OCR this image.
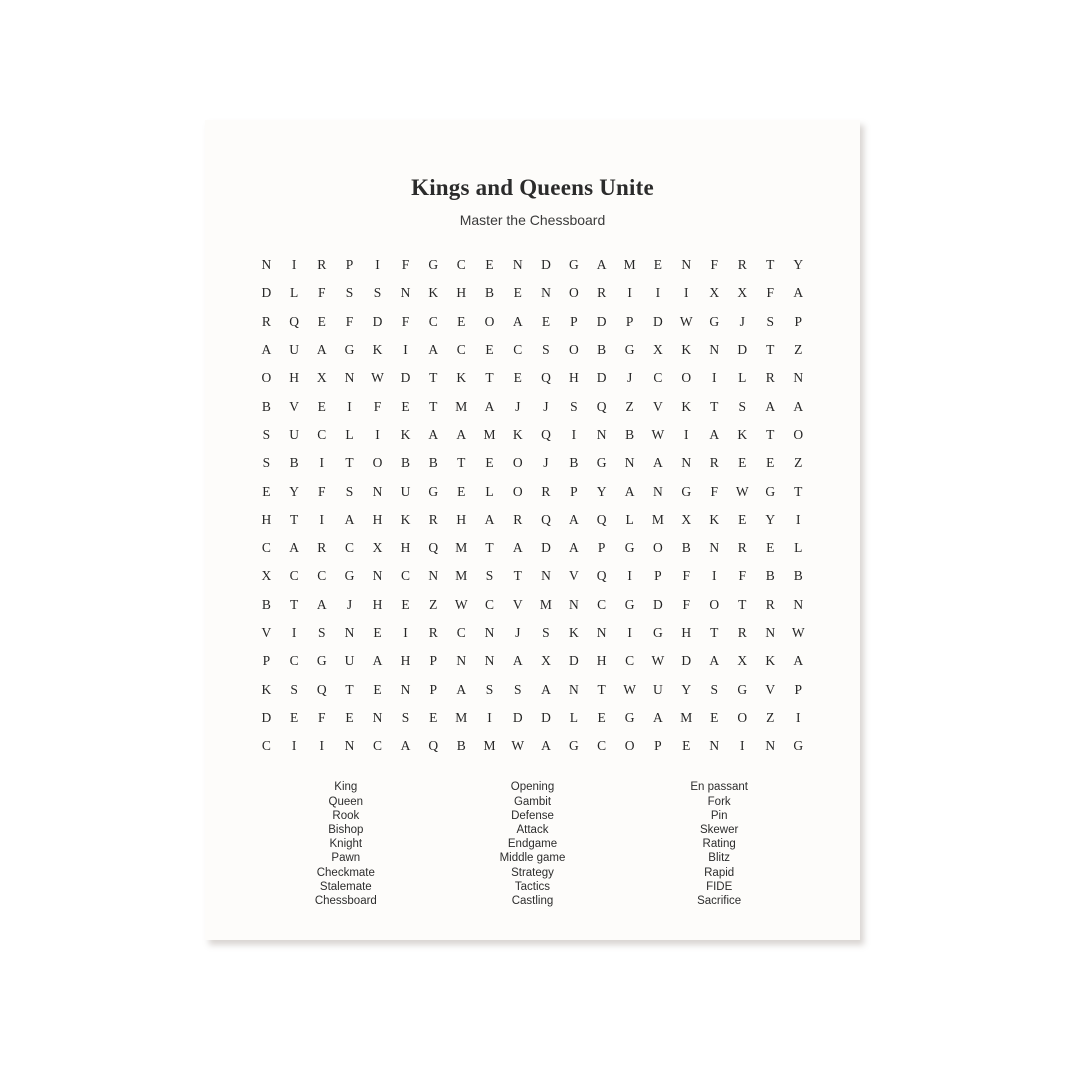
Kings and Queens Unite
Master the Chessboard
N	I	R	P	I	F	G	C	E	N	D	G	A	M	E	N	F	R	T	Y
D	L	F	S	S	N	K	H	B	E	N	O	R	I	I	I	X	X	F	A
R	Q	E	F	D	F	C	E	O	A	E	P	D	P	D	W	G	J	S	P
A	U	A	G	K	I	A	C	E	C	S	O	B	G	X	K	N	D	T	Z
O	H	X	N	W	D	T	K	T	E	Q	H	D	J	C	O	I	L	R	N
B	V	E	I	F	E	T	M	A	J	J	S	Q	Z	V	K	T	S	A	A
S	U	C	L	I	K	A	A	M	K	Q	I	N	B	W	I	A	K	T	O
S	B	I	T	O	B	B	T	E	O	J	B	G	N	A	N	R	E	E	Z
E	Y	F	S	N	U	G	E	L	O	R	P	Y	A	N	G	F	W	G	T
H	T	I	A	H	K	R	H	A	R	Q	A	Q	L	M	X	K	E	Y	I
C	A	R	C	X	H	Q	M	T	A	D	A	P	G	O	B	N	R	E	L
X	C	C	G	N	C	N	M	S	T	N	V	Q	I	P	F	I	F	B	B
B	T	A	J	H	E	Z	W	C	V	M	N	C	G	D	F	O	T	R	N
V	I	S	N	E	I	R	C	N	J	S	K	N	I	G	H	T	R	N	W
P	C	G	U	A	H	P	N	N	A	X	D	H	C	W	D	A	X	K	A
K	S	Q	T	E	N	P	A	S	S	A	N	T	W	U	Y	S	G	V	P
D	E	F	E	N	S	E	M	I	D	D	L	E	G	A	M	E	O	Z	I
C	I	I	N	C	A	Q	B	M	W	A	G	C	O	P	E	N	I	N	G
King
Queen
Rook
Bishop
Knight
Pawn
Checkmate
Stalemate
Chessboard
Opening
Gambit
Defense
Attack
Endgame
Middle game
Strategy
Tactics
Castling
En passant
Fork
Pin
Skewer
Rating
Blitz
Rapid
FIDE
Sacrifice
